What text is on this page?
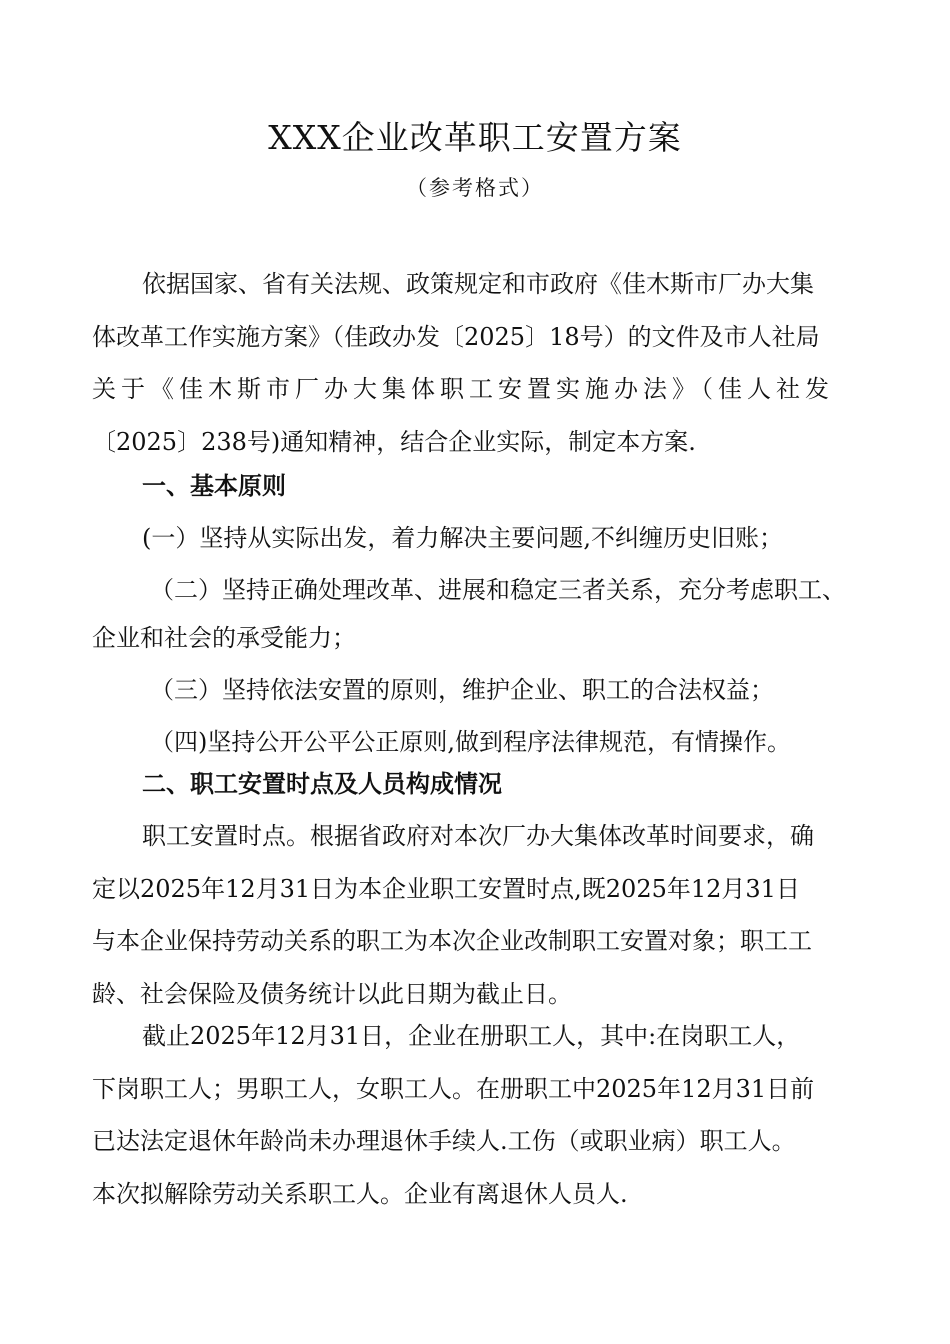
XXX企业改革职工安置方案
（参考格式）
依据国家、省有关法规、政策规定和市政府《佳木斯市厂办大集
体改革工作实施方案》（佳政办发〔2025〕18号）的文件及市人社局
关于《佳木斯市厂办大集体职工安置实施办法》（佳人社发
〔2025〕238号)通知精神，结合企业实际，制定本方案.
一、基本原则
(一）坚持从实际出发，着力解决主要问题,不纠缠历史旧账；
（二）坚持正确处理改革、进展和稳定三者关系，充分考虑职工、
企业和社会的承受能力；
（三）坚持依法安置的原则，维护企业、职工的合法权益；
（四)坚持公开公平公正原则,做到程序法律规范，有情操作。
二、职工安置时点及人员构成情况
职工安置时点。根据省政府对本次厂办大集体改革时间要求，确
定以2025年12月31日为本企业职工安置时点,既2025年12月31日
与本企业保持劳动关系的职工为本次企业改制职工安置对象；职工工
龄、社会保险及债务统计以此日期为截止日。
截止2025年12月31日，企业在册职工人，其中:在岗职工人，
下岗职工人；男职工人，女职工人。在册职工中2025年12月31日前
已达法定退休年龄尚未办理退休手续人.工伤（或职业病）职工人。
本次拟解除劳动关系职工人。企业有离退休人员人.
